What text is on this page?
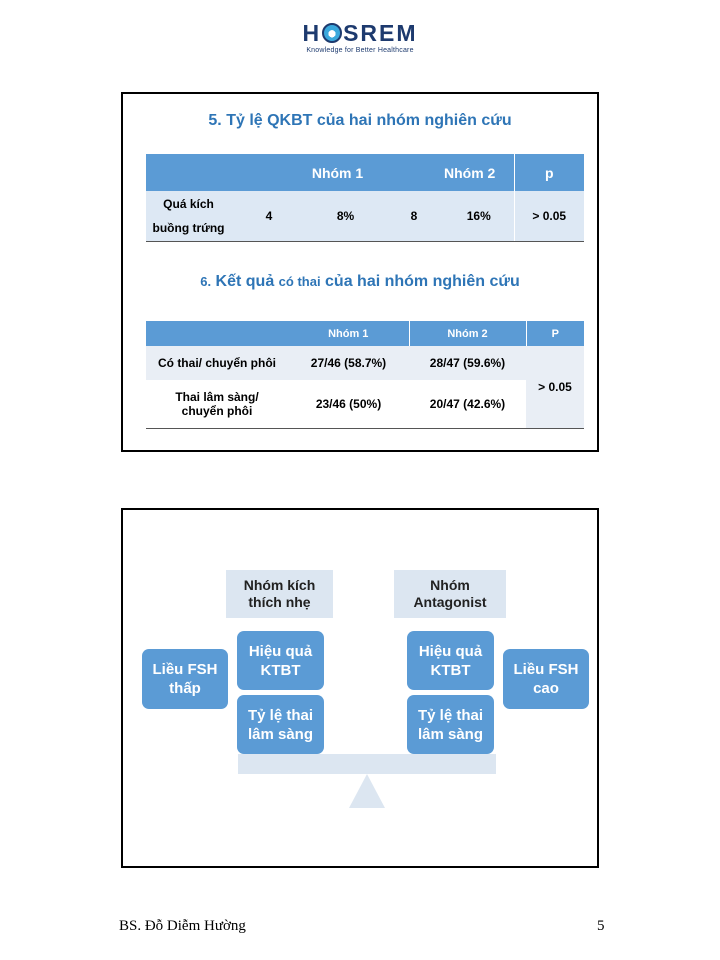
H SREM
Knowledge for Better Healthcare
5. Tỷ lệ QKBT của hai nhóm nghiên cứu
	Nhóm 1			Nhóm 2	p
Quá kích
buồng trứng	4	8%	8	16%	> 0.05
6. Kết quả có thai của hai nhóm nghiên cứu
	Nhóm 1	Nhóm 2	P
Có thai/ chuyển phôi	27/46 (58.7%)	28/47 (59.6%)	> 0.05
Thai lâm sàng/
chuyển phôi	23/46 (50%)	20/47 (42.6%)	
Nhóm kích
thích nhẹ
Nhóm
Antagonist
Liều FSH
thấp
Liều FSH
cao
Hiệu quả
KTBT
Tỷ lệ thai
lâm sàng
Hiệu quả
KTBT
Tỷ lệ thai
lâm sàng
BS. Đỗ Diễm Hường	5
